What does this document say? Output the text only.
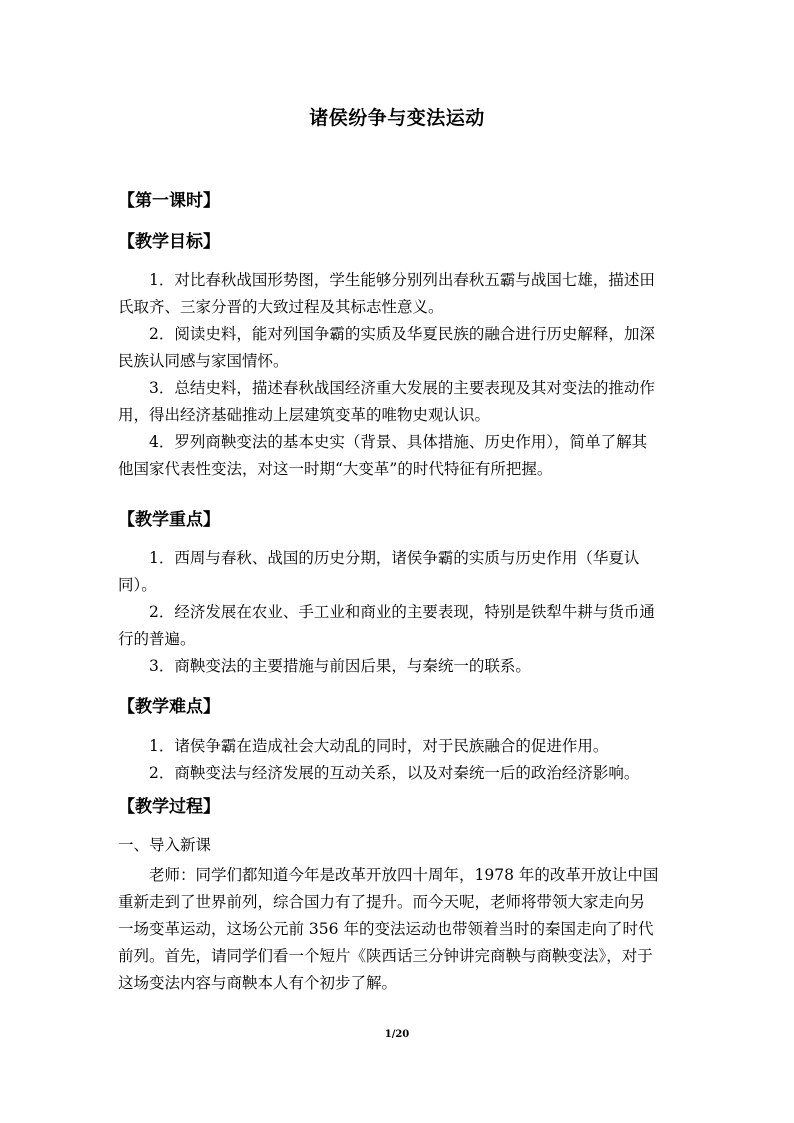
诸侯纷争与变法运动
【第一课时】
【教学目标】
1．对比春秋战国形势图，学生能够分别列出春秋五霸与战国七雄，描述田
氏取齐、三家分晋的大致过程及其标志性意义。
2．阅读史料，能对列国争霸的实质及华夏民族的融合进行历史解释，加深
民族认同感与家国情怀。
3．总结史料，描述春秋战国经济重大发展的主要表现及其对变法的推动作
用，得出经济基础推动上层建筑变革的唯物史观认识。
4．罗列商鞅变法的基本史实（背景、具体措施、历史作用），简单了解其
他国家代表性变法，对这一时期“大变革”的时代特征有所把握。
【教学重点】
1．西周与春秋、战国的历史分期，诸侯争霸的实质与历史作用（华夏认
同）。
2．经济发展在农业、手工业和商业的主要表现，特别是铁犁牛耕与货币通
行的普遍。
3．商鞅变法的主要措施与前因后果，与秦统一的联系。
【教学难点】
1．诸侯争霸在造成社会大动乱的同时，对于民族融合的促进作用。
2．商鞅变法与经济发展的互动关系，以及对秦统一后的政治经济影响。
【教学过程】
一、导入新课
老师：同学们都知道今年是改革开放四十周年，1978 年的改革开放让中国
重新走到了世界前列，综合国力有了提升。而今天呢，老师将带领大家走向另
一场变革运动，这场公元前 356 年的变法运动也带领着当时的秦国走向了时代
前列。首先，请同学们看一个短片《陕西话三分钟讲完商鞅与商鞅变法》，对于
这场变法内容与商鞅本人有个初步了解。
1/20
